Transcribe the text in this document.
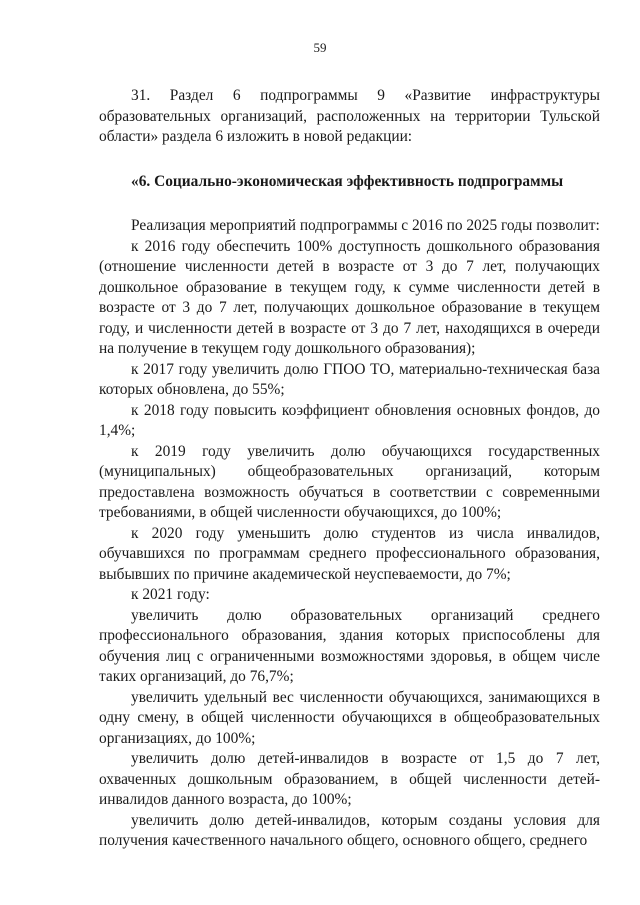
59

31. Раздел 6 подпрограммы 9 «Развитие инфраструктуры образовательных организаций, расположенных на территории Тульской области» раздела 6 изложить в новой редакции:

«6. Социально-экономическая эффективность подпрограммы

Реализация мероприятий подпрограммы с 2016 по 2025 годы позволит:

к 2016 году обеспечить 100% доступность дошкольного образования (отношение численности детей в возрасте от 3 до 7 лет, получающих дошкольное образование в текущем году, к сумме численности детей в возрасте от 3 до 7 лет, получающих дошкольное образование в текущем году, и численности детей в возрасте от 3 до 7 лет, находящихся в очереди на получение в текущем году дошкольного образования);

к 2017 году увеличить долю ГПОО ТО, материально-техническая база которых обновлена, до 55%;

к 2018 году повысить коэффициент обновления основных фондов, до 1,4%;

к 2019 году увеличить долю обучающихся государственных (муниципальных) общеобразовательных организаций, которым предоставлена возможность обучаться в соответствии с современными требованиями, в общей численности обучающихся, до 100%;

к 2020 году уменьшить долю студентов из числа инвалидов, обучавшихся по программам среднего профессионального образования, выбывших по причине академической неуспеваемости, до 7%;

к 2021 году:

увеличить долю образовательных организаций среднего профессионального образования, здания которых приспособлены для обучения лиц с ограниченными возможностями здоровья, в общем числе таких организаций, до 76,7%;

увеличить удельный вес численности обучающихся, занимающихся в одну смену, в общей численности обучающихся в общеобразовательных организациях, до 100%;

увеличить долю детей-инвалидов в возрасте от 1,5 до 7 лет, охваченных дошкольным образованием, в общей численности детей-инвалидов данного возраста, до 100%;

увеличить долю детей-инвалидов, которым созданы условия для получения качественного начального общего, основного общего, среднего
